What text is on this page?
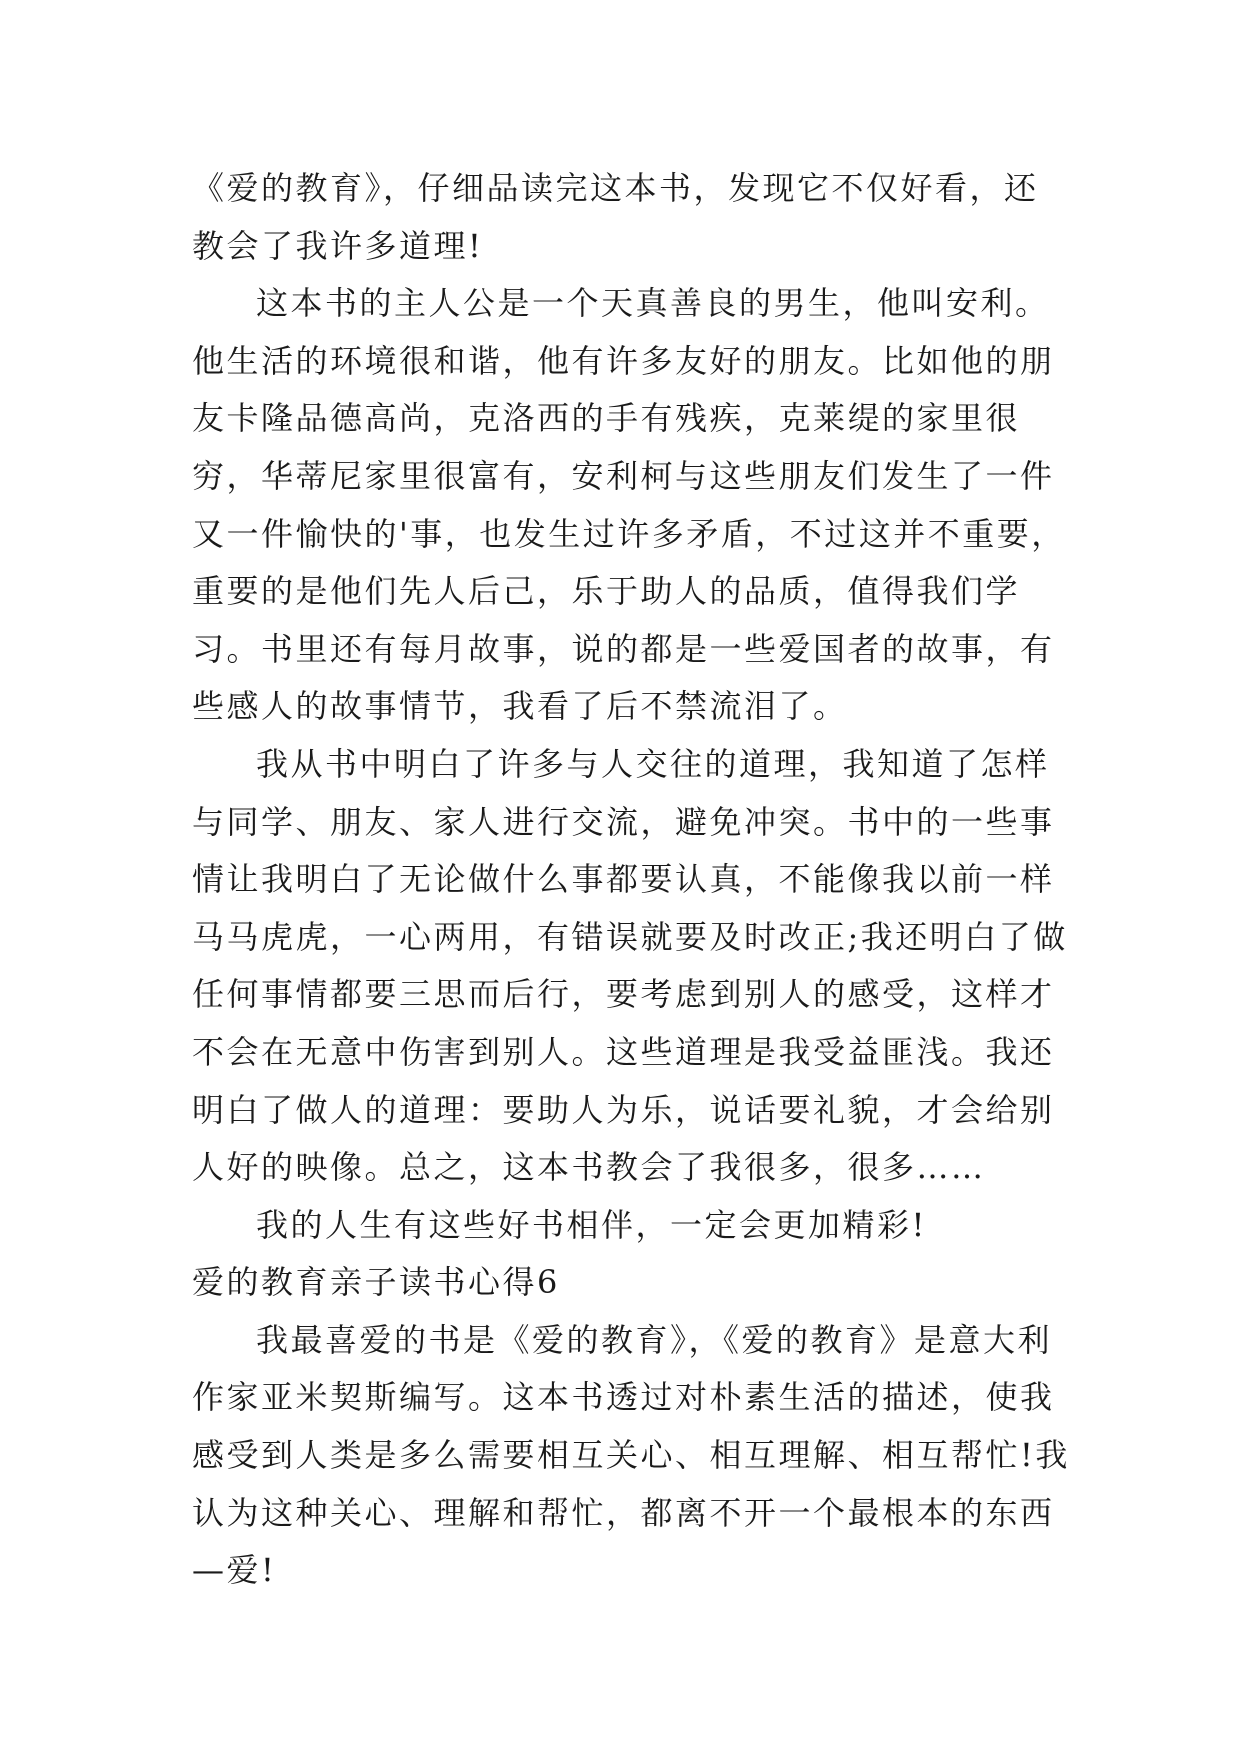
《爱的教育》，仔细品读完这本书，发现它不仅好看，还教会了我许多道理!

这本书的主人公是一个天真善良的男生，他叫安利。他生活的环境很和谐，他有许多友好的朋友。比如他的朋友卡隆品德高尚，克洛西的手有残疾，克莱缇的家里很穷，华蒂尼家里很富有，安利柯与这些朋友们发生了一件又一件愉快的'事，也发生过许多矛盾，不过这并不重要，重要的是他们先人后己，乐于助人的品质，值得我们学习。书里还有每月故事，说的都是一些爱国者的故事，有些感人的故事情节，我看了后不禁流泪了。

我从书中明白了许多与人交往的道理，我知道了怎样与同学、朋友、家人进行交流，避免冲突。书中的一些事情让我明白了无论做什么事都要认真，不能像我以前一样马马虎虎，一心两用，有错误就要及时改正;我还明白了做任何事情都要三思而后行，要考虑到别人的感受，这样才不会在无意中伤害到别人。这些道理是我受益匪浅。我还明白了做人的道理：要助人为乐，说话要礼貌，才会给别人好的映像。总之，这本书教会了我很多，很多……

我的人生有这些好书相伴，一定会更加精彩!

爱的教育亲子读书心得6

我最喜爱的书是《爱的教育》，《爱的教育》是意大利作家亚米契斯编写。这本书透过对朴素生活的描述，使我感受到人类是多么需要相互关心、相互理解、相互帮忙!我认为这种关心、理解和帮忙，都离不开一个最根本的东西—爱!
